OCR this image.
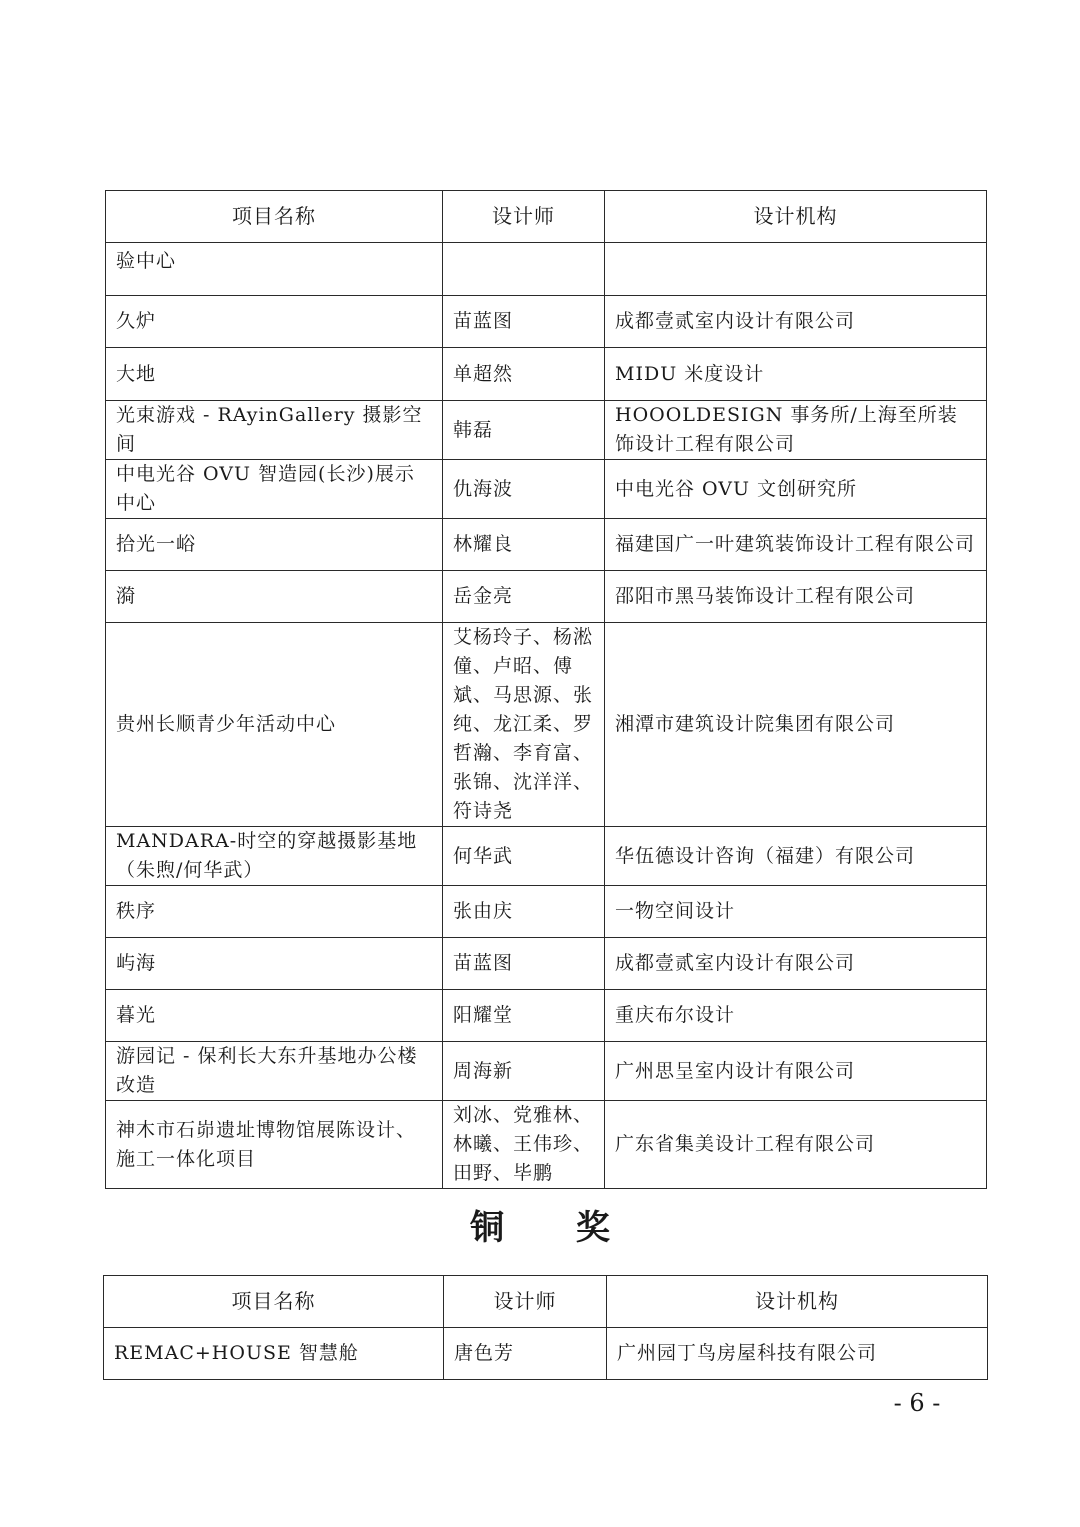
项目名称	设计师	设计机构
验中心		
久炉	苗蓝图	成都壹贰室内设计有限公司
大地	单超然	MIDU 米度设计
光束游戏 - RAyinGallery 摄影空间	韩磊	HOOOLDESIGN 事务所/上海至所装饰设计工程有限公司
中电光谷 OVU 智造园(长沙)展示中心	仇海波	中电光谷 OVU 文创研究所
拾光一峪	林耀良	福建国广一叶建筑装饰设计工程有限公司
漪	岳金亮	邵阳市黑马装饰设计工程有限公司
贵州长顺青少年活动中心	艾杨玲子、杨淞僮、卢昭、傅斌、马思源、张纯、龙江柔、罗哲瀚、李育富、张锦、沈洋洋、符诗尧	湘潭市建筑设计院集团有限公司
MANDARA-时空的穿越摄影基地（朱煦/何华武）	何华武	华伍德设计咨询（福建）有限公司
秩序	张由庆	一物空间设计
屿海	苗蓝图	成都壹贰室内设计有限公司
暮光	阳耀堂	重庆布尔设计
游园记 - 保利长大东升基地办公楼改造	周海新	广州思呈室内设计有限公司
神木市石峁遗址博物馆展陈设计、施工一体化项目	刘冰、党雅林、林曦、王伟珍、田野、毕鹏	广东省集美设计工程有限公司
铜 奖
项目名称	设计师	设计机构
REMAC+HOUSE 智慧舱	唐色芳	广州园丁鸟房屋科技有限公司
- 6 -
